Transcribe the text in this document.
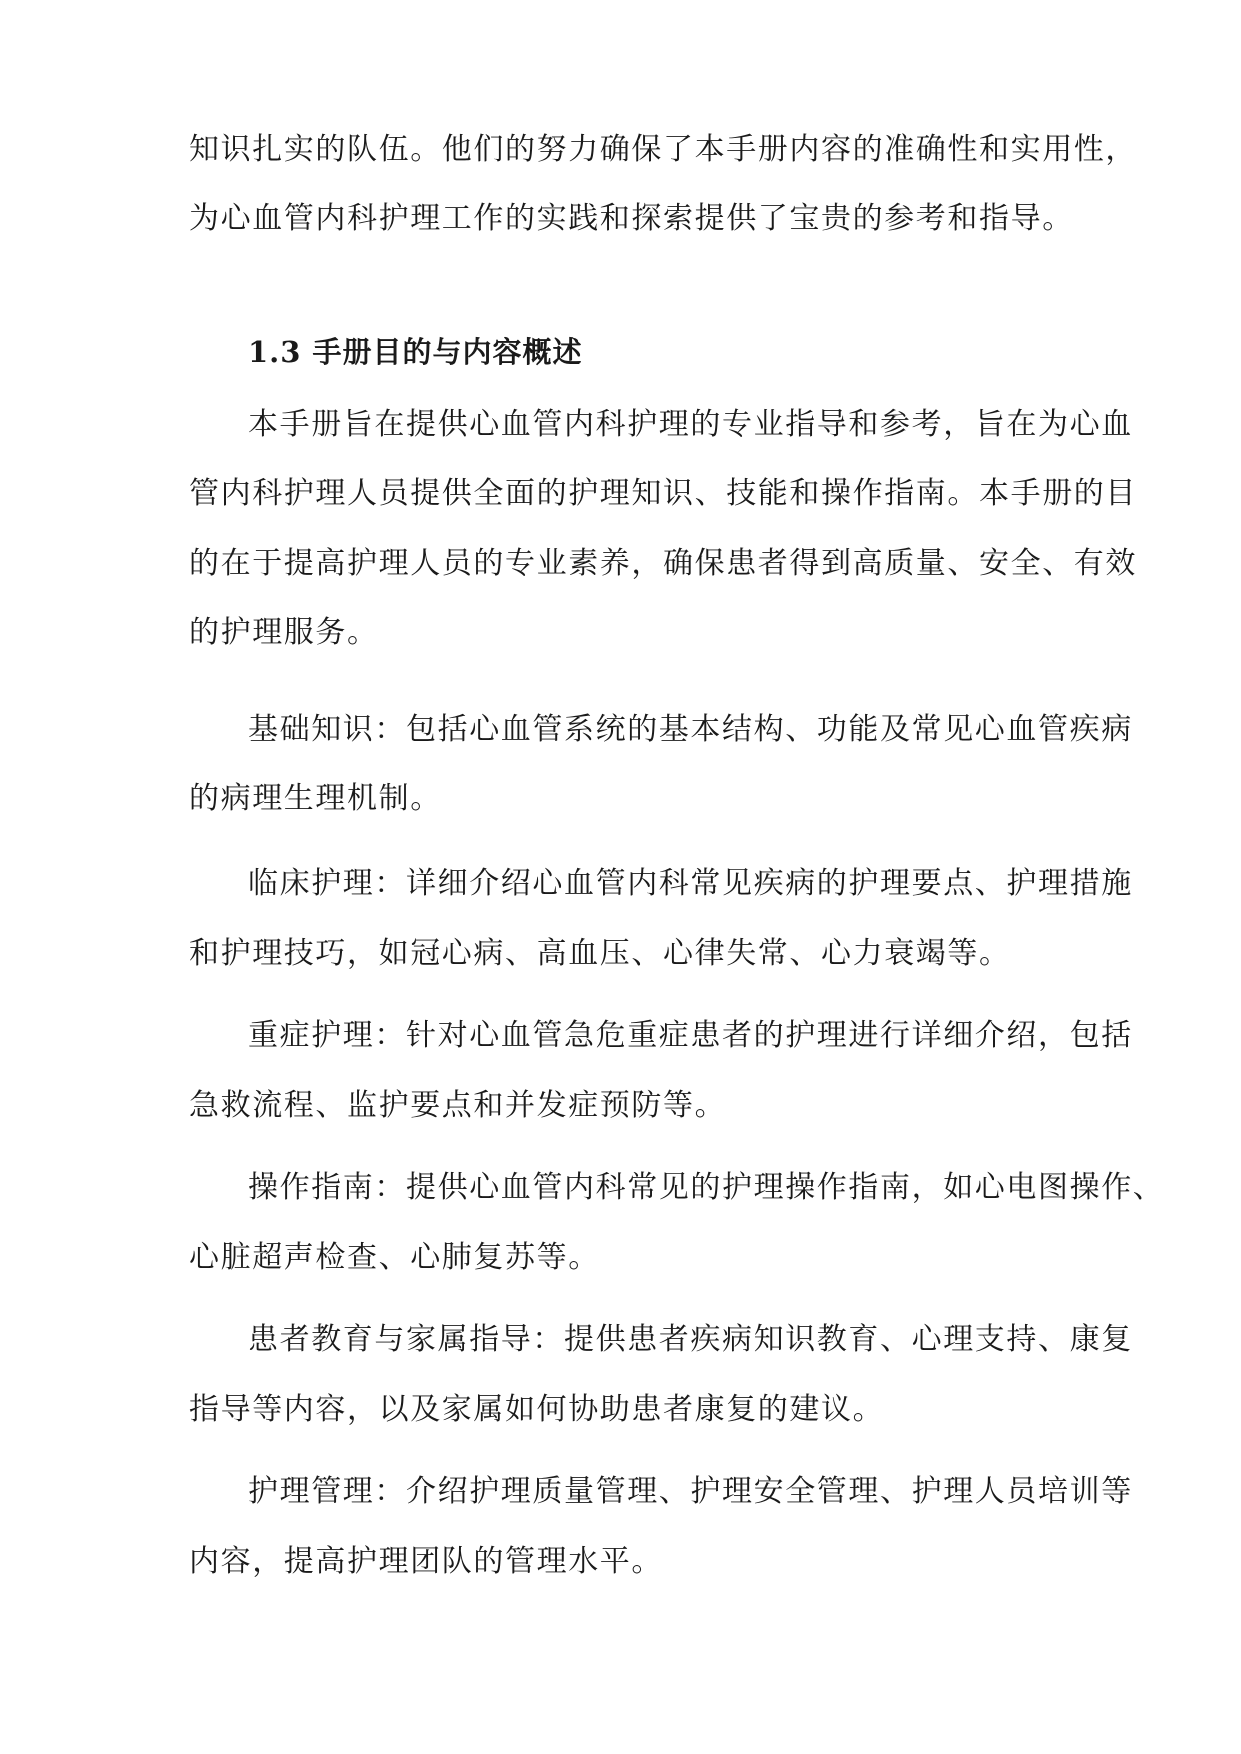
知识扎实的队伍。他们的努力确保了本手册内容的准确性和实用性，
为心血管内科护理工作的实践和探索提供了宝贵的参考和指导。
1.3 手册目的与内容概述
本手册旨在提供心血管内科护理的专业指导和参考，旨在为心血
管内科护理人员提供全面的护理知识、技能和操作指南。本手册的目
的在于提高护理人员的专业素养，确保患者得到高质量、安全、有效
的护理服务。
基础知识：包括心血管系统的基本结构、功能及常见心血管疾病
的病理生理机制。
临床护理：详细介绍心血管内科常见疾病的护理要点、护理措施
和护理技巧，如冠心病、高血压、心律失常、心力衰竭等。
重症护理：针对心血管急危重症患者的护理进行详细介绍，包括
急救流程、监护要点和并发症预防等。
操作指南：提供心血管内科常见的护理操作指南，如心电图操作、
心脏超声检查、心肺复苏等。
患者教育与家属指导：提供患者疾病知识教育、心理支持、康复
指导等内容，以及家属如何协助患者康复的建议。
护理管理：介绍护理质量管理、护理安全管理、护理人员培训等
内容，提高护理团队的管理水平。
